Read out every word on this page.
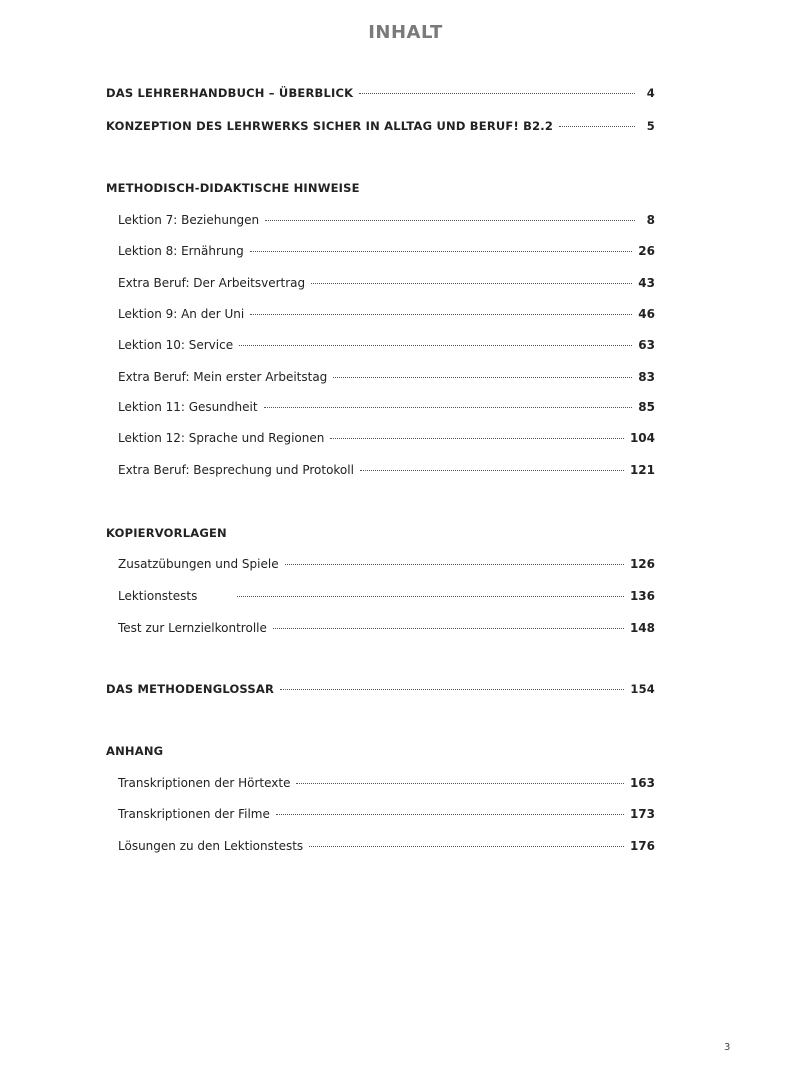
INHALT
DAS LEHRERHANDBUCH – ÜBERBLICK	4
KONZEPTION DES LEHRWERKS SICHER IN ALLTAG UND BERUF! B2.2	5
METHODISCH-DIDAKTISCHE HINWEISE
Lektion 7: Beziehungen	8
Lektion 8: Ernährung	26
Extra Beruf: Der Arbeitsvertrag	43
Lektion 9: An der Uni	46
Lektion 10: Service	63
Extra Beruf: Mein erster Arbeitstag	83
Lektion 11: Gesundheit	85
Lektion 12: Sprache und Regionen	104
Extra Beruf: Besprechung und Protokoll	121
KOPIERVORLAGEN
Zusatzübungen und Spiele	126
Lektionstests	136
Test zur Lernzielkontrolle	148
DAS METHODENGLOSSAR	154
ANHANG
Transkriptionen der Hörtexte	163
Transkriptionen der Filme	173
Lösungen zu den Lektionstests	176
3
